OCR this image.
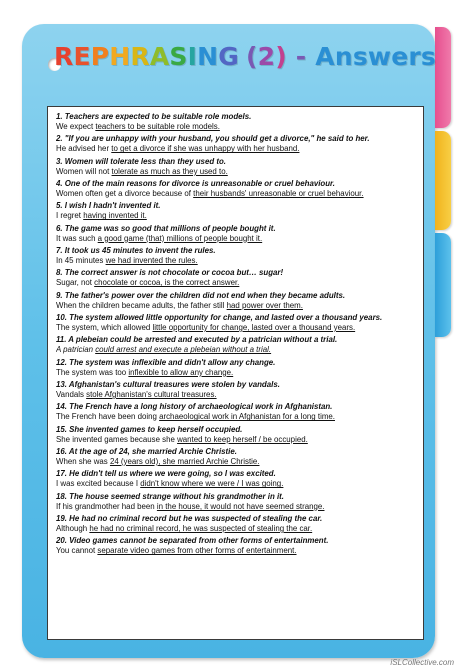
REPHRASING (2) - Answers
1. Teachers are expected to be suitable role models.
We expect teachers to be suitable role models.
2. "If you are unhappy with your husband, you should get a divorce," he said to her.
He advised her to get a divorce if she was unhappy with her husband.
3. Women will tolerate less than they used to.
Women will not tolerate as much as they used to.
4. One of the main reasons for divorce is unreasonable or cruel behaviour.
Women often get a divorce because of their husbands' unreasonable or cruel behaviour.
5. I wish I hadn't invented it.
I regret having invented it.
6. The game was so good that millions of people bought it.
It was such a good game (that) millions of people bought it.
7. It took us 45 minutes to invent the rules.
In 45 minutes we had invented the rules.
8. The correct answer is not chocolate or cocoa but… sugar!
Sugar, not chocolate or cocoa, is the correct answer.
9. The father's power over the children did not end when they became adults.
When the children became adults, the father still had power over them.
10. The system allowed little opportunity for change, and lasted over a thousand years.
The system, which allowed little opportunity for change, lasted over a thousand years.
11. A plebeian could be arrested and executed by a patrician without a trial.
A patrician could arrest and execute a plebeian without a trial.
12. The system was inflexible and didn't allow any change.
The system was too inflexible to allow any change.
13. Afghanistan's cultural treasures were stolen by vandals.
Vandals stole Afghanistan's cultural treasures.
14. The French have a long history of archaeological work in Afghanistan.
The French have been doing archaeological work in Afghanistan for a long time.
15. She invented games to keep herself occupied.
She invented games because she wanted to keep herself / be occupied.
16. At the age of 24, she married Archie Christie.
When she was 24 (years old), she married Archie Christie.
17. He didn't tell us where we were going, so I was excited.
I was excited because I didn't know where we were / I was going.
18. The house seemed strange without his grandmother in it.
If his grandmother had been in the house, it would not have seemed strange.
19. He had no criminal record but he was suspected of stealing the car.
Although he had no criminal record, he was suspected of stealing the car.
20. Video games cannot be separated from other forms of entertainment.
You cannot separate video games from other forms of entertainment.
iSLCollective.com
